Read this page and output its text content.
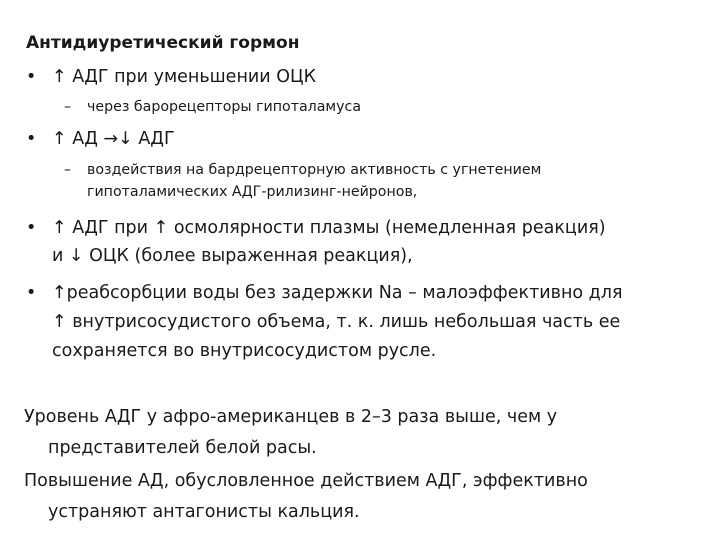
Антидиуретический гормон
• ↑ АДГ при уменьшении ОЦК
– через барорецепторы гипоталамуса
• ↑ АД →↓ АДГ
– воздействия на бардрецепторную активность с угнетением
гипоталамических АДГ-рилизинг-нейронов,
• ↑ АДГ при ↑ осмолярности плазмы (немедленная реакция)
и ↓ ОЦК (более выраженная реакция),
• ↑реабсорбции воды без задержки Na – малоэффективно для
↑ внутрисосудистого объема, т. к. лишь небольшая часть ее
сохраняется во внутрисосудистом русле.
Уровень АДГ у афро-американцев в 2–3 раза выше, чем у
представителей белой расы.
Повышение АД, обусловленное действием АДГ, эффективно
устраняют антагонисты кальция.
